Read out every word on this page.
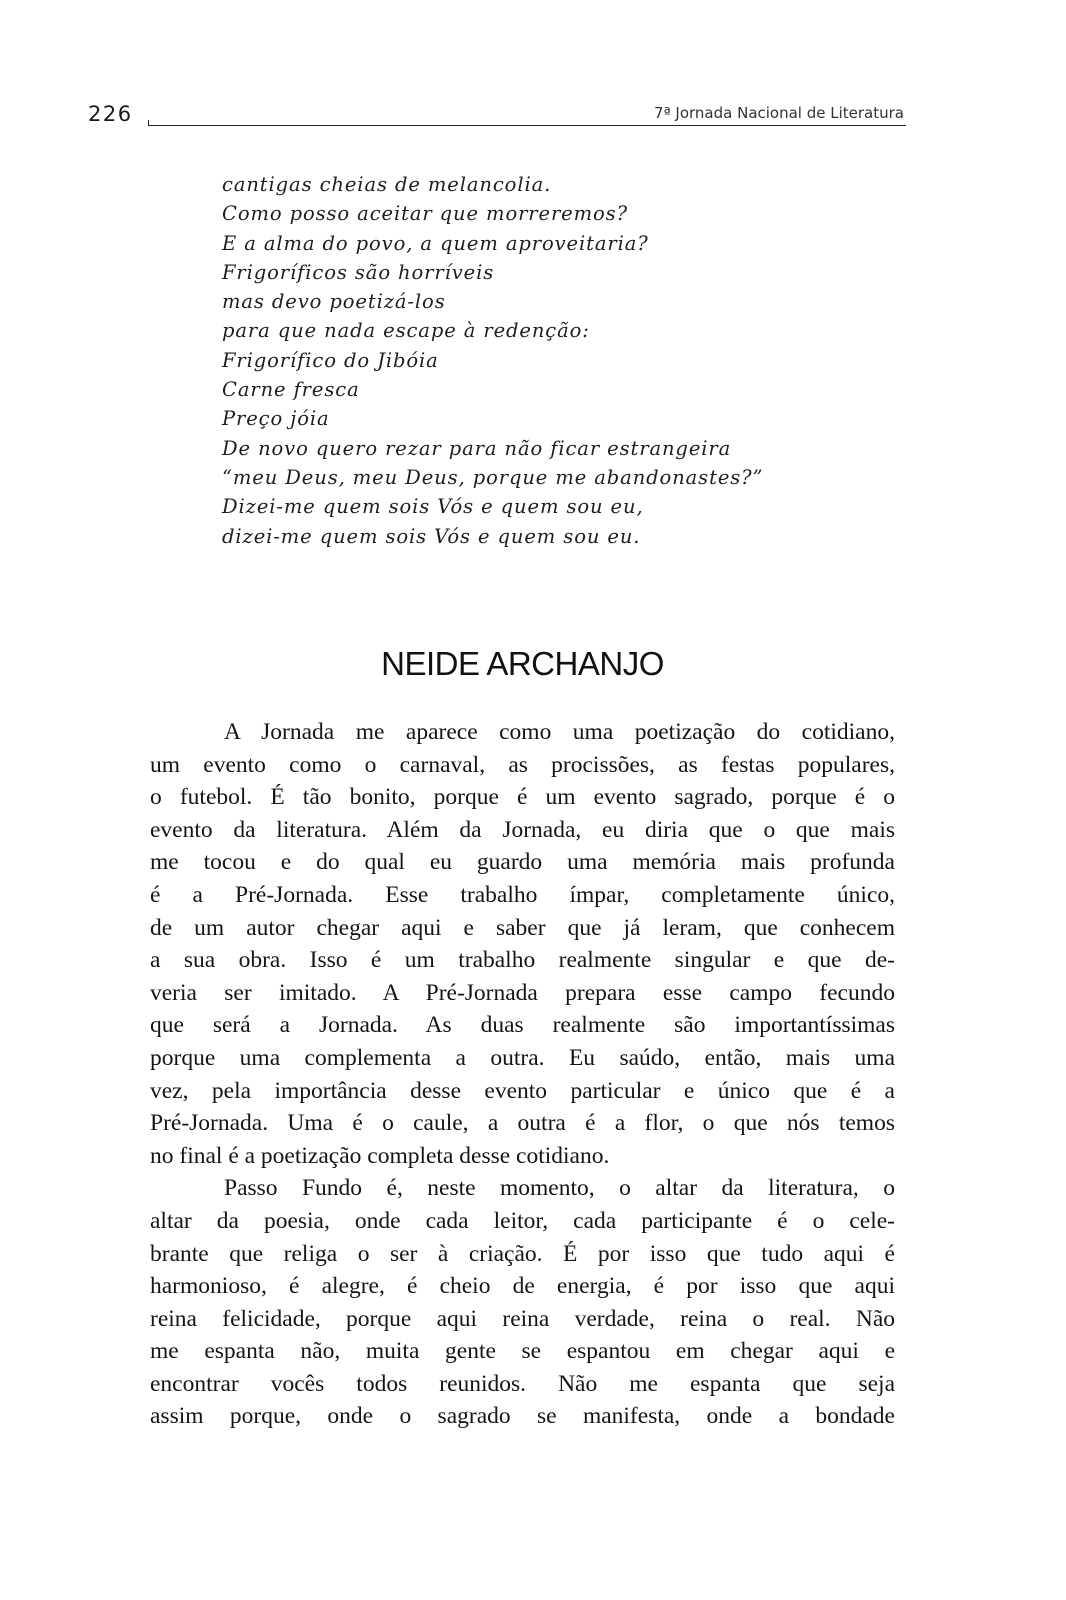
226	7ª Jornada Nacional de Literatura
cantigas cheias de melancolia.
Como posso aceitar que morreremos?
E a alma do povo, a quem aproveitaria?
Frigoríficos são horríveis
mas devo poetizá-los
para que nada escape à redenção:
Frigorífico do Jibóia
Carne fresca
Preço jóia
De novo quero rezar para não ficar estrangeira
“meu Deus, meu Deus, porque me abandonastes?”
Dizei-me quem sois Vós e quem sou eu,
dizei-me quem sois Vós e quem sou eu.
NEIDE ARCHANJO

A Jornada me aparece como uma poetização do cotidiano,
um evento como o carnaval, as procissões, as festas populares,
o futebol. É tão bonito, porque é um evento sagrado, porque é o
evento da literatura. Além da Jornada, eu diria que o que mais
me tocou e do qual eu guardo uma memória mais profunda
é a Pré-Jornada. Esse trabalho ímpar, completamente único,
de um autor chegar aqui e saber que já leram, que conhecem
a sua obra. Isso é um trabalho realmente singular e que de-
veria ser imitado. A Pré-Jornada prepara esse campo fecundo
que será a Jornada. As duas realmente são importantíssimas
porque uma complementa a outra. Eu saúdo, então, mais uma
vez, pela importância desse evento particular e único que é a
Pré-Jornada. Uma é o caule, a outra é a flor, o que nós temos
no final é a poetização completa desse cotidiano.

Passo Fundo é, neste momento, o altar da literatura, o
altar da poesia, onde cada leitor, cada participante é o cele-
brante que religa o ser à criação. É por isso que tudo aqui é
harmonioso, é alegre, é cheio de energia, é por isso que aqui
reina felicidade, porque aqui reina verdade, reina o real. Não
me espanta não, muita gente se espantou em chegar aqui e
encontrar vocês todos reunidos. Não me espanta que seja
assim porque, onde o sagrado se manifesta, onde a bondade
